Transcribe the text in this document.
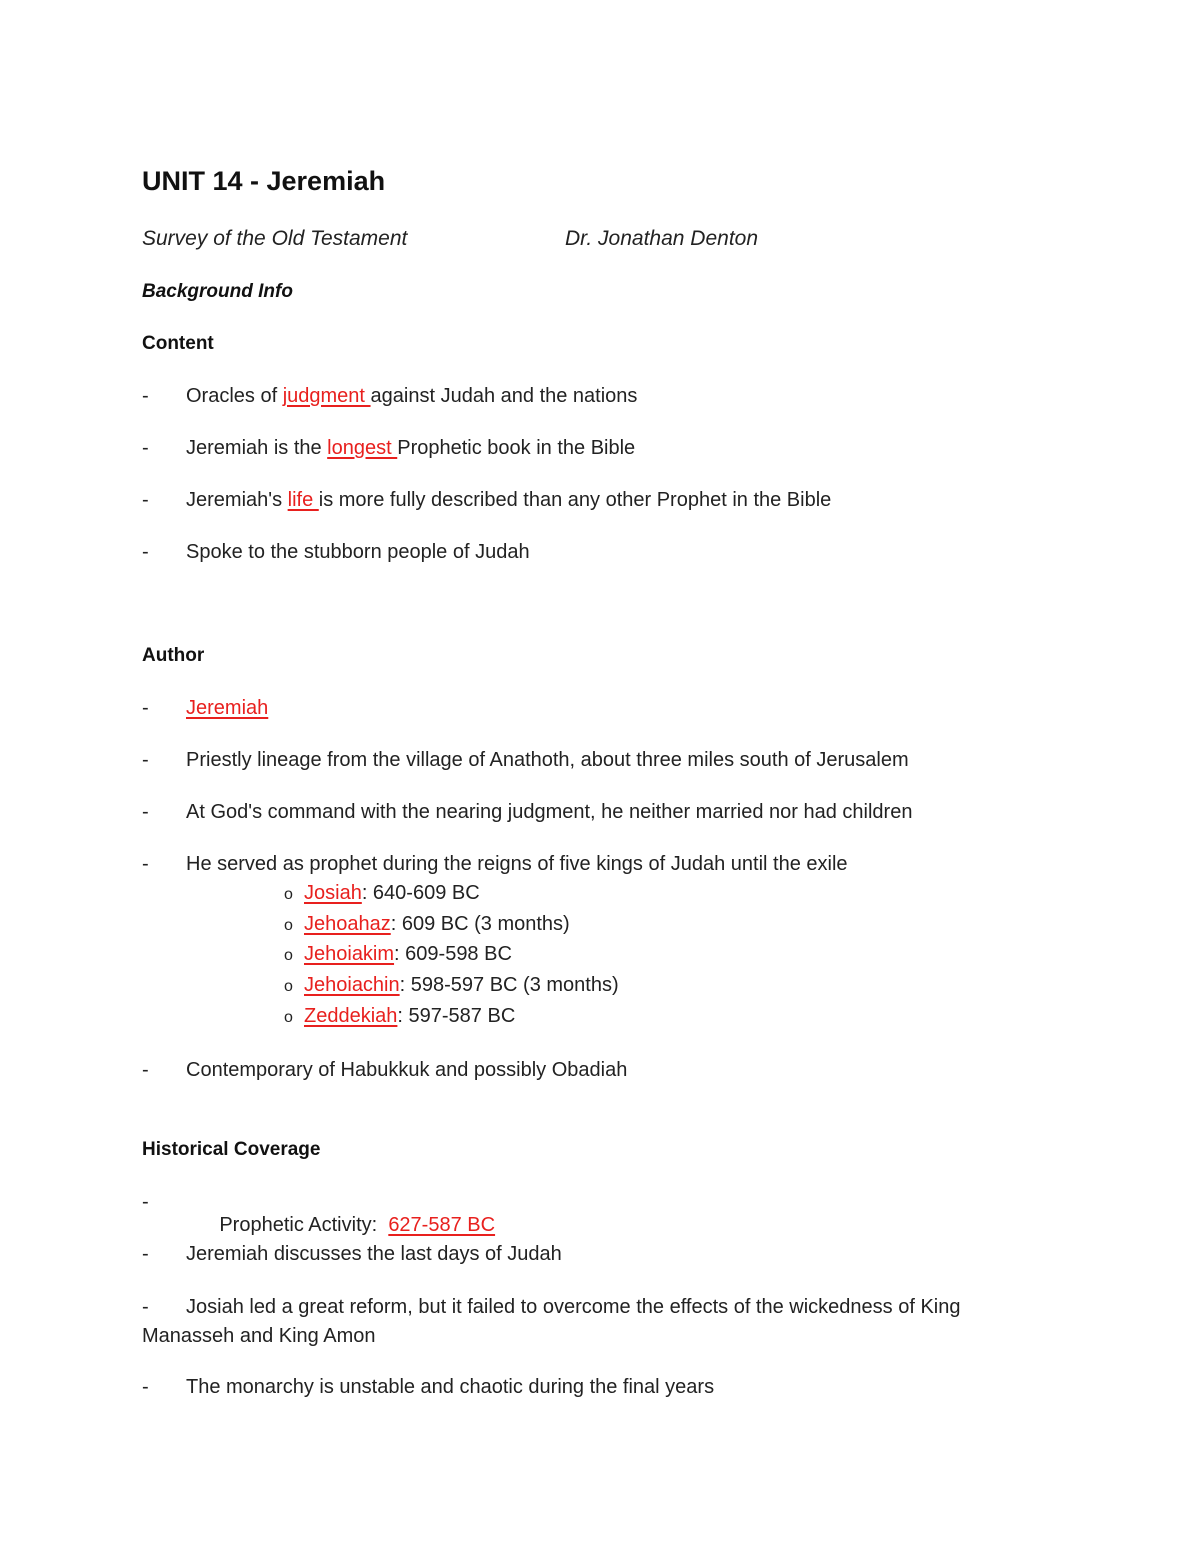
UNIT 14 - Jeremiah
Survey of the Old Testament	Dr. Jonathan Denton
Background Info
Content
- Oracles of judgment against Judah and the nations
- Jeremiah is the longest Prophetic book in the Bible
- Jeremiah's life is more fully described than any other Prophet in the Bible
- Spoke to the stubborn people of Judah
Author
- Jeremiah
- Priestly lineage from the village of Anathoth, about three miles south of Jerusalem
- At God's command with the nearing judgment, he neither married nor had children
- He served as prophet during the reigns of five kings of Judah until the exile
o Josiah: 640-609 BC
o Jehoahaz: 609 BC (3 months)
o Jehoiakim: 609-598 BC
o Jehoiachin: 598-597 BC (3 months)
o Zeddekiah: 597-587 BC
- Contemporary of Habukkuk and possibly Obadiah
Historical Coverage
-

Prophetic Activity:  627-587 BC

- Jeremiah discusses the last days of Judah
- Josiah led a great reform, but it failed to overcome the effects of the wickedness of King Manasseh and King Amon
- The monarchy is unstable and chaotic during the final years
